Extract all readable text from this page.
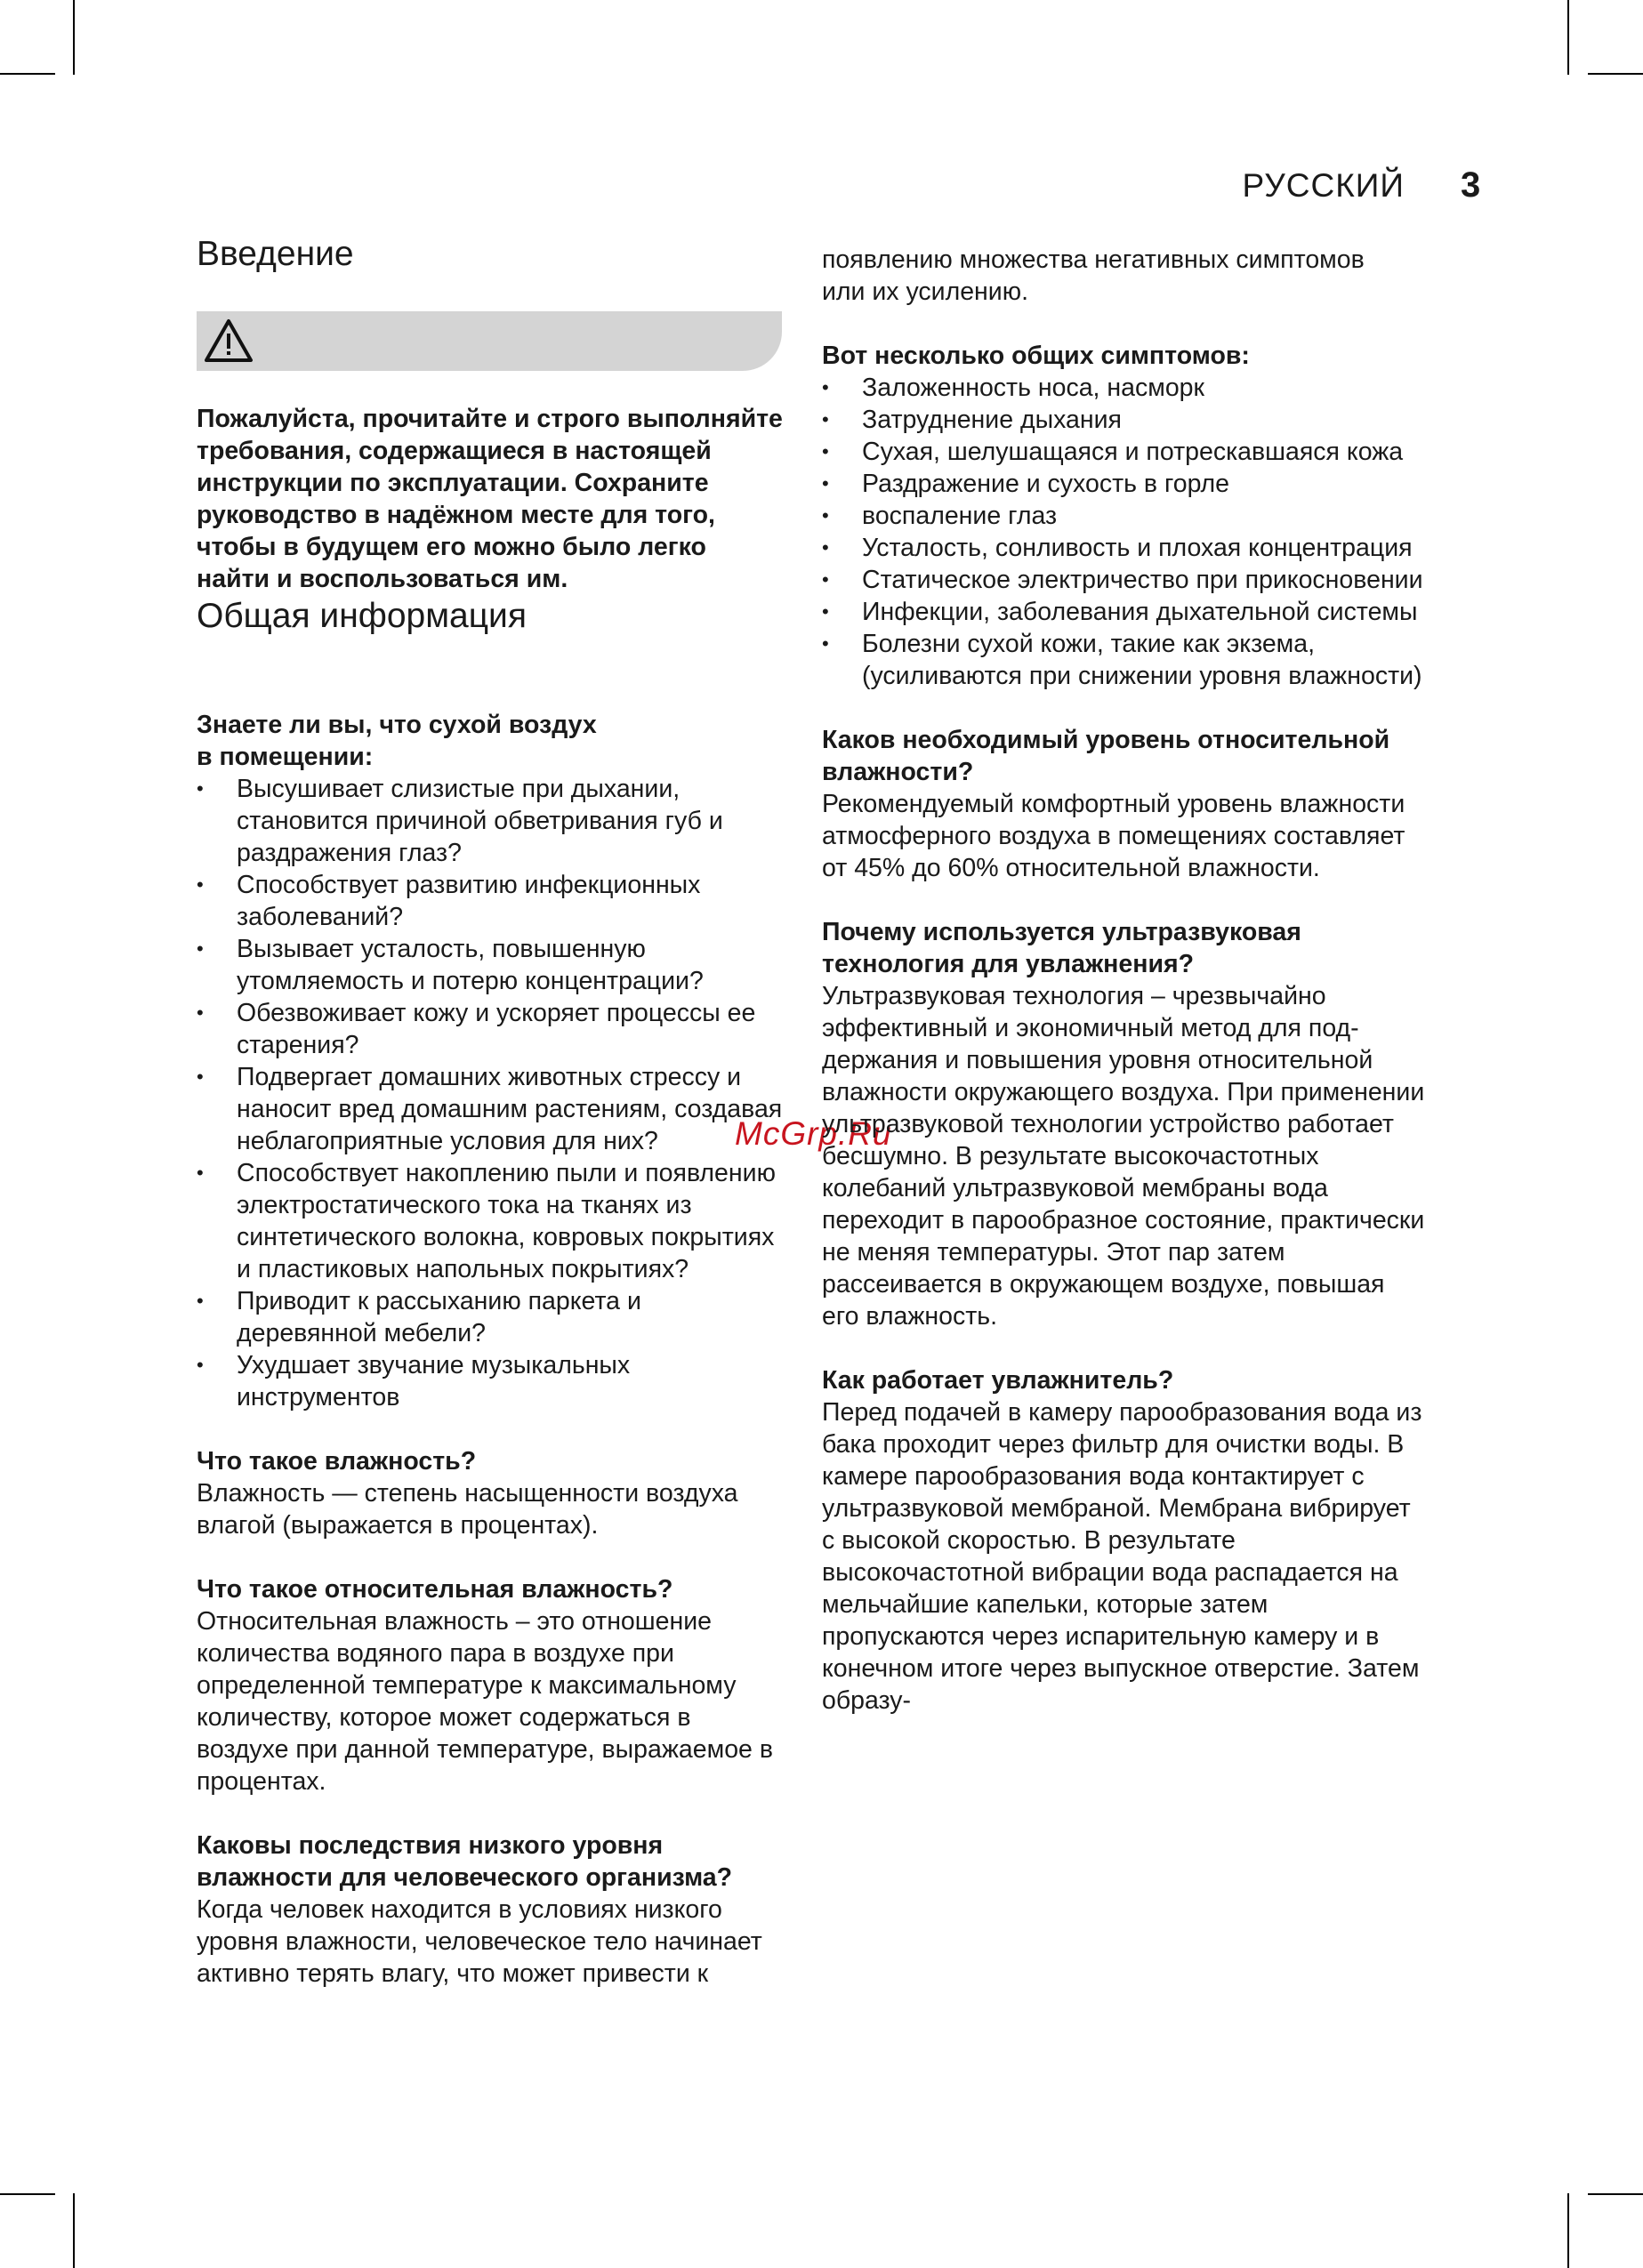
РУССКИЙ 3
McGrp.Ru
Введение

Пожалуйста, прочитайте и строго выполняйте требования, содержащиеся в настоящей инструкции по эксплуатации. Сохраните руководство в надёжном месте для того, чтобы в будущем его можно было легко найти и воспользоваться им.

Общая информация

Знаете ли вы, что сухой воздух в помещении:

• Высушивает слизистые при дыхании, становится причиной обветривания губ и раздражения глаз?
• Способствует развитию инфекционных заболеваний?
• Вызывает усталость, повышенную утомляемость и потерю концентрации?
• Обезвоживает кожу и ускоряет процессы ее старения?
• Подвергает домашних животных стрессу и наносит вред домашним растениям, создавая неблагоприятные условия для них?
• Способствует накоплению пыли и появлению электростатического тока на тканях из синтетического волокна, ковровых покрытиях и пластиковых напольных покрытиях?
• Приводит к рассыханию паркета и деревянной мебели?
• Ухудшает звучание музыкальных инструментов

Что такое влажность?

Влажность — степень насыщенности воздуха влагой (выражается в процентах).

Что такое относительная влажность?

Относительная влажность – это отношение количества водяного пара в воздухе при определенной температуре к максимальному количеству, которое может содержаться в воздухе при данной температуре, выражаемое в процентах.

Каковы последствия низкого уровня влажности для человеческого организма?

Когда человек находится в условиях низкого уровня влажности, человеческое тело начинает активно терять влагу, что может привести к

появлению множества негативных симптомов или их усилению.

Вот несколько общих симптомов:

• Заложенность носа, насморк
• Затруднение дыхания
• Сухая, шелушащаяся и потрескавшаяся кожа
• Раздражение и сухость в горле
• воспаление глаз
• Усталость, сонливость и плохая концентрация
• Статическое электричество при прикосновении
• Инфекции, заболевания дыхательной системы
• Болезни сухой кожи, такие как экзема, (усиливаются при снижении уровня влажности)

Каков необходимый уровень относительной влажности?

Рекомендуемый комфортный уровень влажности атмосферного воздуха в помещениях составляет от 45% до 60% относительной влажности.

Почему используется ультразвуковая технология для увлажнения?

Ультразвуковая технология – чрезвычайно эффективный и экономичный метод для под- держания и повышения уровня относительной влажности окружающего воздуха. При применении ультразвуковой технологии устройство работает бесшумно. В результате высокочастотных колебаний ультразвуковой мембраны вода переходит в парообразное состояние, практически не меняя температуры. Этот пар затем рассеивается в окружающем воздухе, повышая его влажность.

Как работает увлажнитель?

Перед подачей в камеру парообразования вода из бака проходит через фильтр для очистки воды. В камере парообразования вода контактирует с ультразвуковой мембраной. Мембрана вибрирует с высокой скоростью. В результате высокочастотной вибрации вода распадается на мельчайшие капельки, которые затем пропускаются через испарительную камеру и в конечном итоге через выпускное отверстие. Затем образу-
